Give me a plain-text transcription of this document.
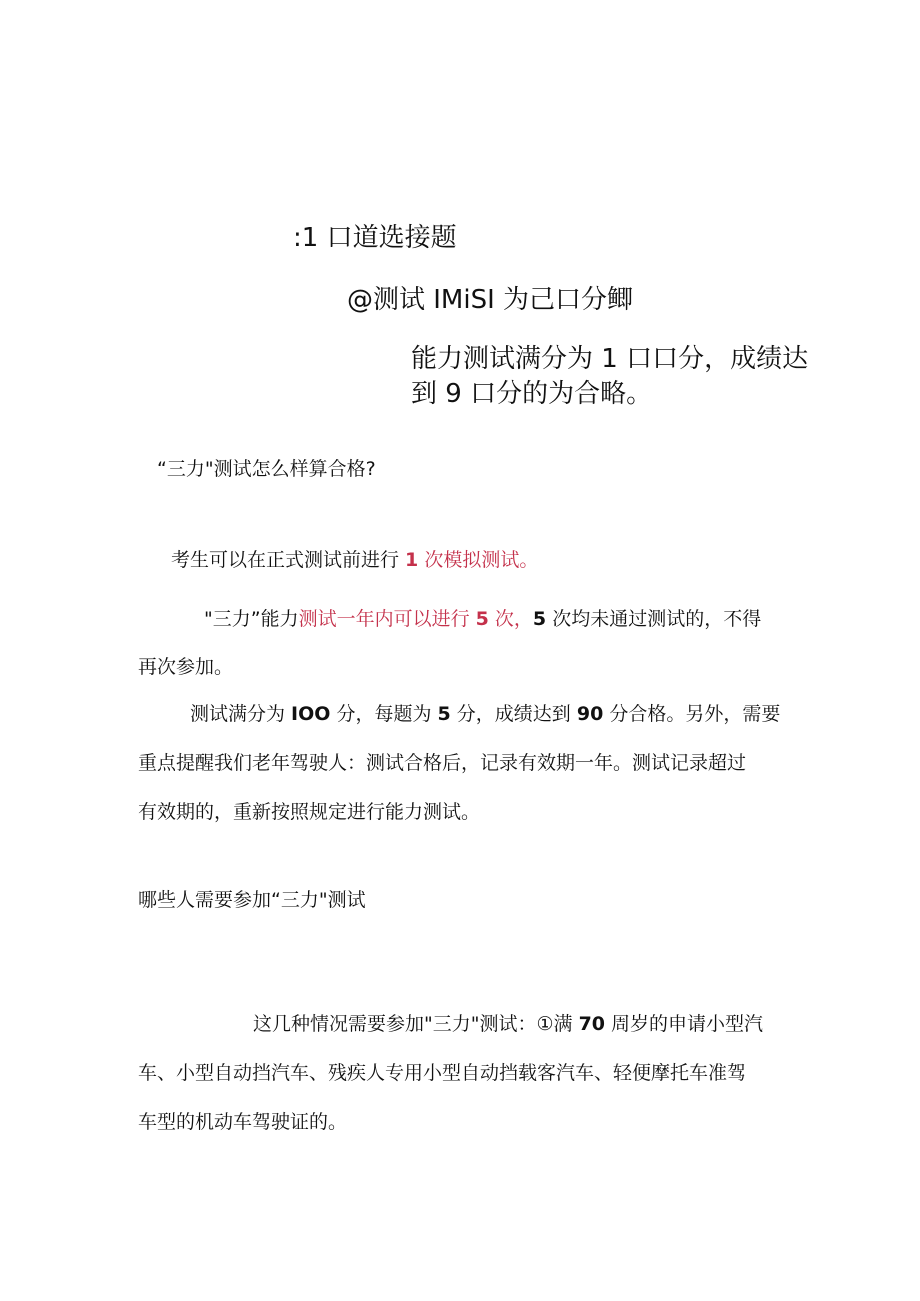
:1 口道选接题
@测试 IMiSI 为己口分鲫
能力测试满分为 1 口口分，成绩达
到 9 口分的为合略。
“三力"测试怎么样算合格?
考生可以在正式测试前进行 1 次模拟测试。
"三力”能力测试一年内可以进行 5 次，5 次均未通过测试的，不得
再次参加。
测试满分为 IOO 分，每题为 5 分，成绩达到 90 分合格。另外，需要
重点提醒我们老年驾驶人：测试合格后，记录有效期一年。测试记录超过
有效期的，重新按照规定进行能力测试。
哪些人需要参加“三力"测试
这几种情况需要参加"三力"测试：①满 70 周岁的申请小型汽
车、小型自动挡汽车、残疾人专用小型自动挡载客汽车、轻便摩托车准驾
车型的机动车驾驶证的。
